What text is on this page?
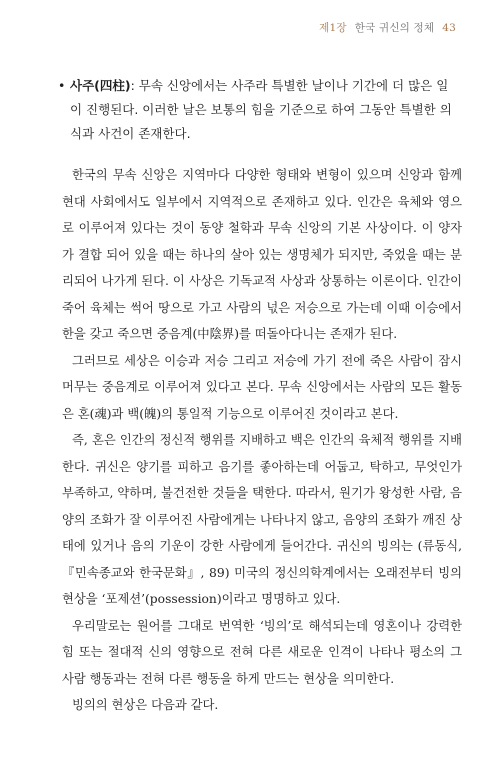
제1장 한국 귀신의 정체 43
• 사주(四柱): 무속 신앙에서는 사주라 특별한 날이나 기간에 더 많은 일이 진행된다. 이러한 날은 보통의 힘을 기준으로 하여 그동안 특별한 의식과 사건이 존재한다.

한국의 무속 신앙은 지역마다 다양한 형태와 변형이 있으며 신앙과 함께 현대 사회에서도 일부에서 지역적으로 존재하고 있다. 인간은 육체와 영으로 이루어져 있다는 것이 동양 철학과 무속 신앙의 기본 사상이다. 이 양자가 결합 되어 있을 때는 하나의 살아 있는 생명체가 되지만, 죽었을 때는 분리되어 나가게 된다. 이 사상은 기독교적 사상과 상통하는 이론이다. 인간이 죽어 육체는 썩어 땅으로 가고 사람의 넋은 저승으로 가는데 이때 이승에서 한을 갖고 죽으면 중음계(中陰界)를 떠돌아다니는 존재가 된다.

그러므로 세상은 이승과 저승 그리고 저승에 가기 전에 죽은 사람이 잠시 머무는 중음계로 이루어져 있다고 본다. 무속 신앙에서는 사람의 모든 활동은 혼(魂)과 백(魄)의 통일적 기능으로 이루어진 것이라고 본다.

즉, 혼은 인간의 정신적 행위를 지배하고 백은 인간의 육체적 행위를 지배한다. 귀신은 양기를 피하고 음기를 좋아하는데 어둡고, 탁하고, 무엇인가 부족하고, 약하며, 불건전한 것들을 택한다. 따라서, 원기가 왕성한 사람, 음양의 조화가 잘 이루어진 사람에게는 나타나지 않고, 음양의 조화가 깨진 상태에 있거나 음의 기운이 강한 사람에게 들어간다. 귀신의 빙의는 (류동식, 『민속종교와 한국문화』, 89) 미국의 정신의학계에서는 오래전부터 빙의 현상을 ‘포제션’(possession)이라고 명명하고 있다.

우리말로는 원어를 그대로 번역한 ‘빙의’로 해석되는데 영혼이나 강력한 힘 또는 절대적 신의 영향으로 전혀 다른 새로운 인격이 나타나 평소의 그 사람 행동과는 전혀 다른 행동을 하게 만드는 현상을 의미한다.

빙의의 현상은 다음과 같다.
